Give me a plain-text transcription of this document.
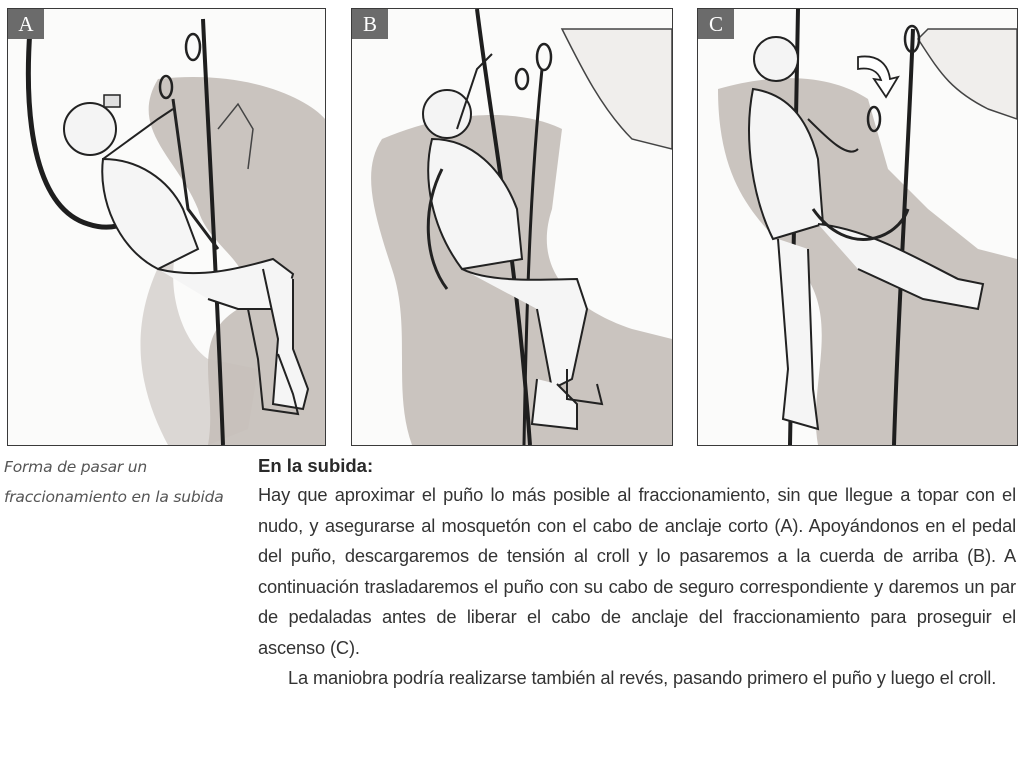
A	B	C
Forma de pasar un
fraccionamiento en la subida

En la subida:

Hay que aproximar el puño lo más posible al fraccionamiento, sin que llegue a topar con el nudo, y asegurarse al mosquetón con el cabo de anclaje corto (A). Apoyándonos en el pedal del puño, descargaremos de tensión al croll y lo pasaremos a la cuerda de arriba (B). A continuación trasladaremos el puño con su cabo de seguro correspondiente y daremos un par de pedaladas antes de liberar el cabo de anclaje del fraccionamiento para proseguir el ascenso (C).

La maniobra podría realizarse también al revés, pasando primero el puño y luego el croll.
